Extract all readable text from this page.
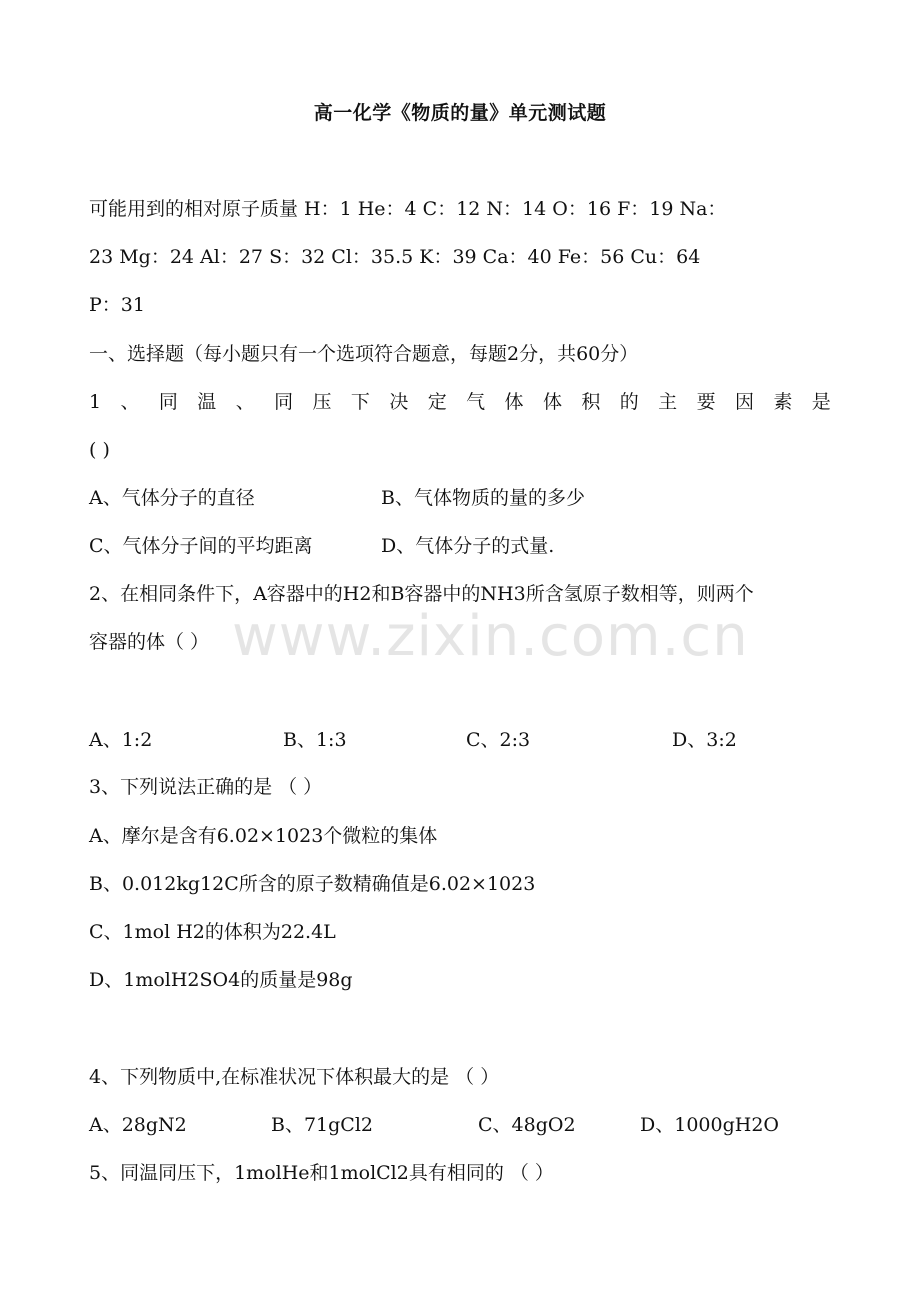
高一化学《物质的量》单元测试题
可能用到的相对原子质量 H：1 He：4 C：12 N：14 O：16 F：19 Na：
23 Mg：24 Al：27 S：32 Cl：35.5 K：39 Ca：40 Fe：56 Cu：64
P：31
一、选择题（每小题只有一个选项符合题意，每题2分，共60分）
1 、 同 温 、 同 压 下 决 定 气 体 体 积 的 主 要 因 素 是
( )
A、气体分子的直径	B、气体物质的量的多少
C、气体分子间的平均距离	D、气体分子的式量.
2、在相同条件下，A容器中的H2和B容器中的NH3所含氢原子数相等，则两个
容器的体（ ）
A、1:2	B、1:3	C、2:3	D、3:2
3、下列说法正确的是 （ ）
A、摩尔是含有6.02×1023个微粒的集体
B、0.012kg12C所含的原子数精确值是6.02×1023
C、1mol H2的体积为22.4L
D、1molH2SO4的质量是98g
4、下列物质中,在标准状况下体积最大的是 （ ）
A、28gN2	B、71gCl2	C、48gO2	D、1000gH2O
5、同温同压下，1molHe和1molCl2具有相同的 （ ）
www.zixin.com.cn
